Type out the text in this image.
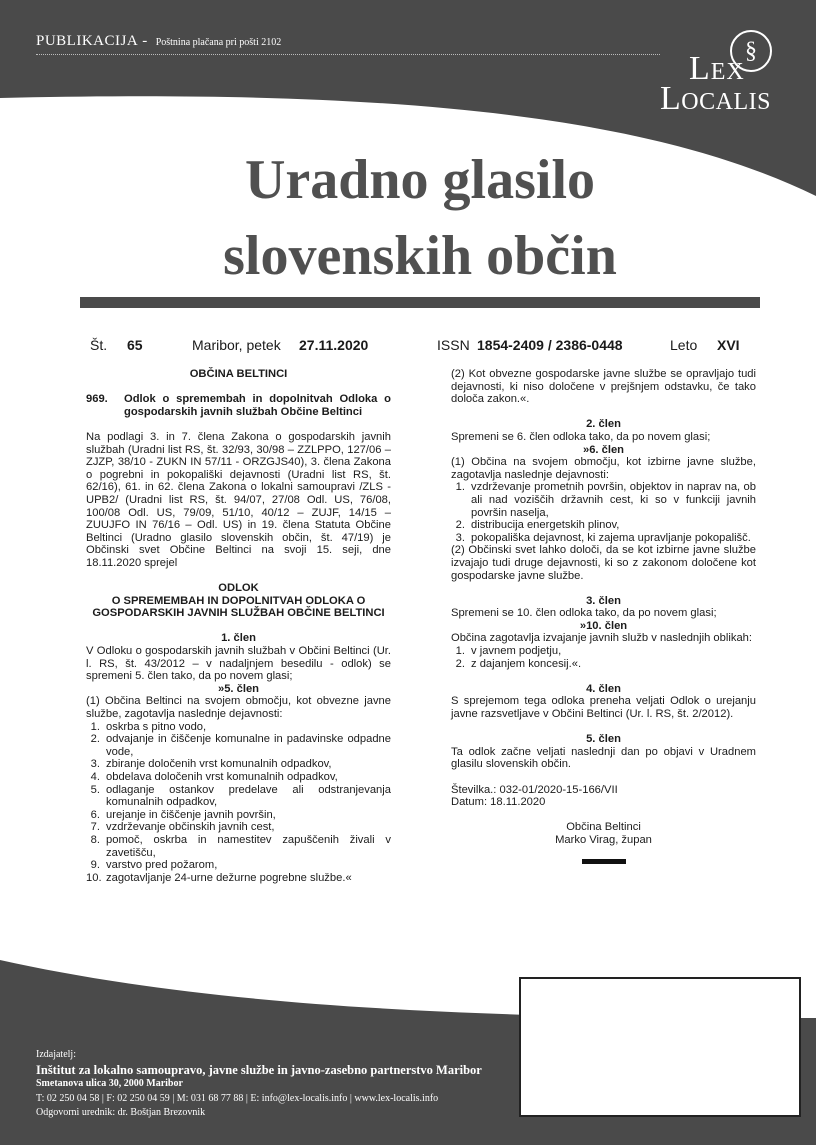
PUBLIKACIJA - Poštnina plačana pri pošti 2102	§
Lex
Localis
Uradno glasilo
slovenskih občin
Št. 65	Maribor, petek 27.11.2020	ISSN 1854-2409 / 2386-0448	Leto XVI
OBČINA BELTINCI
969.	Odlok o spremembah in dopolnitvah Odloka o gospodarskih javnih službah Občine Beltinci
Na podlagi 3. in 7. člena Zakona o gospodarskih javnih službah (Uradni list RS, št. 32/93, 30/98 – ZZLPPO, 127/06 – ZJZP, 38/10 - ZUKN IN 57/11 - ORZGJS40), 3. člena Zakona o pogrebni in pokopališki dejavnosti (Uradni list RS, št. 62/16), 61. in 62. člena Zakona o lokalni samoupravi /ZLS -UPB2/ (Uradni list RS, št. 94/07, 27/08 Odl. US, 76/08, 100/08 Odl. US, 79/09, 51/10, 40/12 – ZUJF, 14/15 – ZUUJFO IN 76/16 – Odl. US) in 19. člena Statuta Občine Beltinci (Uradno glasilo slovenskih občin, št. 47/19) je Občinski svet Občine Beltinci na svoji 15. seji, dne 18.11.2020 sprejel
ODLOK
O SPREMEMBAH IN DOPOLNITVAH ODLOKA O GOSPODARSKIH JAVNIH SLUŽBAH OBČINE BELTINCI
1. člen
V Odloku o gospodarskih javnih službah v Občini Beltinci (Ur. l. RS, št. 43/2012 – v nadaljnjem besedilu - odlok) se spremeni 5. člen tako, da po novem glasi;
»5. člen
(1) Občina Beltinci na svojem območju, kot obvezne javne službe, zagotavlja naslednje dejavnosti:
1. oskrba s pitno vodo,
2. odvajanje in čiščenje komunalne in padavinske odpadne vode,
3. zbiranje določenih vrst komunalnih odpadkov,
4. obdelava določenih vrst komunalnih odpadkov,
5. odlaganje ostankov predelave ali odstranjevanja komunalnih odpadkov,
6. urejanje in čiščenje javnih površin,
7. vzdrževanje občinskih javnih cest,
8. pomoč, oskrba in namestitev zapuščenih živali v zavetišču,
9. varstvo pred požarom,
10. zagotavljanje 24-urne dežurne pogrebne službe.«
(2) Kot obvezne gospodarske javne službe se opravljajo tudi dejavnosti, ki niso določene v prejšnjem odstavku, če tako določa zakon.«.
2. člen
Spremeni se 6. člen odloka tako, da po novem glasi;
»6. člen
(1) Občina na svojem območju, kot izbirne javne službe, zagotavlja naslednje dejavnosti:
1. vzdrževanje prometnih površin, objektov in naprav na, ob ali nad voziščih državnih cest, ki so v funkciji javnih površin naselja,
2. distribucija energetskih plinov,
3. pokopališka dejavnost, ki zajema upravljanje pokopališč.
(2) Občinski svet lahko določi, da se kot izbirne javne službe izvajajo tudi druge dejavnosti, ki so z zakonom določene kot gospodarske javne službe.
3. člen
Spremeni se 10. člen odloka tako, da po novem glasi;
»10. člen
Občina zagotavlja izvajanje javnih služb v naslednjih oblikah:
1. v javnem podjetju,
2. z dajanjem koncesij.«.
4. člen
S sprejemom tega odloka preneha veljati Odlok o urejanju javne razsvetljave v Občini Beltinci (Ur. l. RS, št. 2/2012).
5. člen
Ta odlok začne veljati naslednji dan po objavi v Uradnem glasilu slovenskih občin.
Številka.: 032-01/2020-15-166/VII
Datum: 18.11.2020
Občina Beltinci
Marko Virag, župan
Izdajatelj:
Inštitut za lokalno samoupravo, javne službe in javno-zasebno partnerstvo Maribor
Smetanova ulica 30, 2000 Maribor
T: 02 250 04 58 | F: 02 250 04 59 | M: 031 68 77 88 | E: info@lex-localis.info | www.lex-localis.info
Odgovorni urednik: dr. Boštjan Brezovnik
